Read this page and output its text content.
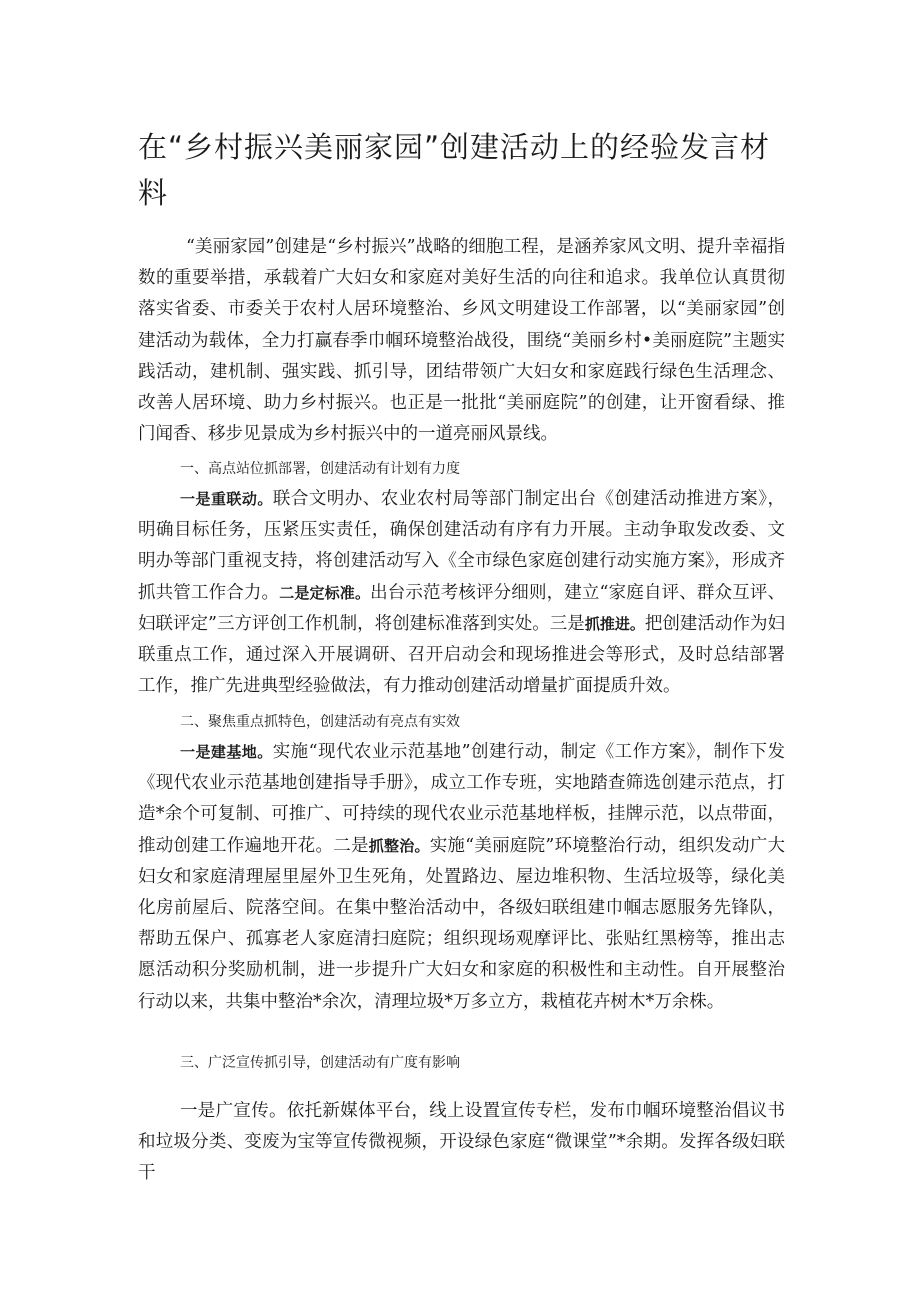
在“乡村振兴美丽家园”创建活动上的经验发言材料

“美丽家园”创建是“乡村振兴”战略的细胞工程，是涵养家风文明、提升幸福指数的重要举措，承载着广大妇女和家庭对美好生活的向往和追求。我单位认真贯彻落实省委、市委关于农村人居环境整治、乡风文明建设工作部署，以“美丽家园”创建活动为载体，全力打赢春季巾帼环境整治战役，围绕“美丽乡村•美丽庭院”主题实践活动，建机制、强实践、抓引导，团结带领广大妇女和家庭践行绿色生活理念、改善人居环境、助力乡村振兴。也正是一批批“美丽庭院”的创建，让开窗看绿、推门闻香、移步见景成为乡村振兴中的一道亮丽风景线。

一、高点站位抓部署，创建活动有计划有力度

一是重联动。联合文明办、农业农村局等部门制定出台《创建活动推进方案》，明确目标任务，压紧压实责任，确保创建活动有序有力开展。主动争取发改委、文明办等部门重视支持，将创建活动写入《全市绿色家庭创建行动实施方案》，形成齐抓共管工作合力。二是定标准。出台示范考核评分细则，建立“家庭自评、群众互评、妇联评定”三方评创工作机制，将创建标准落到实处。三是抓推进。把创建活动作为妇联重点工作，通过深入开展调研、召开启动会和现场推进会等形式，及时总结部署工作，推广先进典型经验做法，有力推动创建活动增量扩面提质升效。

二、聚焦重点抓特色，创建活动有亮点有实效

一是建基地。实施“现代农业示范基地”创建行动，制定《工作方案》，制作下发《现代农业示范基地创建指导手册》，成立工作专班，实地踏查筛选创建示范点，打造*余个可复制、可推广、可持续的现代农业示范基地样板，挂牌示范，以点带面，推动创建工作遍地开花。二是抓整治。实施“美丽庭院”环境整治行动，组织发动广大妇女和家庭清理屋里屋外卫生死角，处置路边、屋边堆积物、生活垃圾等，绿化美化房前屋后、院落空间。在集中整治活动中，各级妇联组建巾帼志愿服务先锋队，帮助五保户、孤寡老人家庭清扫庭院；组织现场观摩评比、张贴红黑榜等，推出志愿活动积分奖励机制，进一步提升广大妇女和家庭的积极性和主动性。自开展整治行动以来，共集中整治*余次，清理垃圾*万多立方，栽植花卉树木*万余株。

三、广泛宣传抓引导，创建活动有广度有影响

一是广宣传。依托新媒体平台，线上设置宣传专栏，发布巾帼环境整治倡议书和垃圾分类、变废为宝等宣传微视频，开设绿色家庭“微课堂”*余期。发挥各级妇联干
